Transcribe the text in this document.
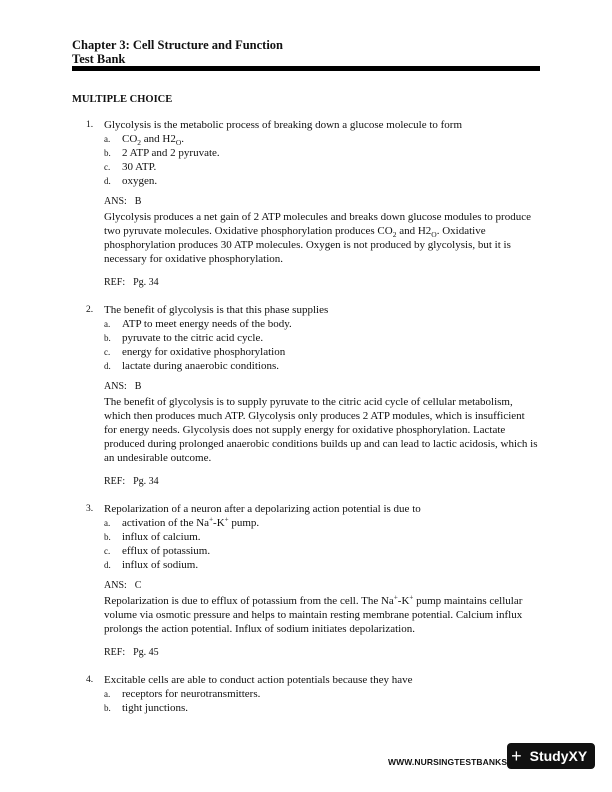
Chapter 3: Cell Structure and Function
Test Bank
MULTIPLE CHOICE
1. Glycolysis is the metabolic process of breaking down a glucose molecule to form
a. $CO_2$ and $H2_O$.
b. 2 ATP and 2 pyruvate.
c. 30 ATP.
d. oxygen.
ANS: B
Glycolysis produces a net gain of 2 ATP molecules and breaks down glucose modules to produce two pyruvate molecules. Oxidative phosphorylation produces $CO_2$ and $H2_O$. Oxidative phosphorylation produces 30 ATP molecules. Oxygen is not produced by glycolysis, but it is necessary for oxidative phosphorylation.
REF: Pg. 34
2. The benefit of glycolysis is that this phase supplies
a. ATP to meet energy needs of the body.
b. pyruvate to the citric acid cycle.
c. energy for oxidative phosphorylation
d. lactate during anaerobic conditions.
ANS: B
The benefit of glycolysis is to supply pyruvate to the citric acid cycle of cellular metabolism, which then produces much ATP. Glycolysis only produces 2 ATP modules, which is insufficient for energy needs. Glycolysis does not supply energy for oxidative phosphorylation. Lactate produced during prolonged anaerobic conditions builds up and can lead to lactic acidosis, which is an undesirable outcome.
REF: Pg. 34
3. Repolarization of a neuron after a depolarizing action potential is due to
a. activation of the Na+-K+ pump.
b. influx of calcium.
c. efflux of potassium.
d. influx of sodium.
ANS: C
Repolarization is due to efflux of potassium from the cell. The Na+-K+ pump maintains cellular volume via osmotic pressure and helps to maintain resting membrane potential. Calcium influx prolongs the action potential. Influx of sodium initiates depolarization.
REF: Pg. 45
4. Excitable cells are able to conduct action potentials because they have
a. receptors for neurotransmitters.
b. tight junctions.
WWW.NURSINGTESTBANKS + StudyXY
